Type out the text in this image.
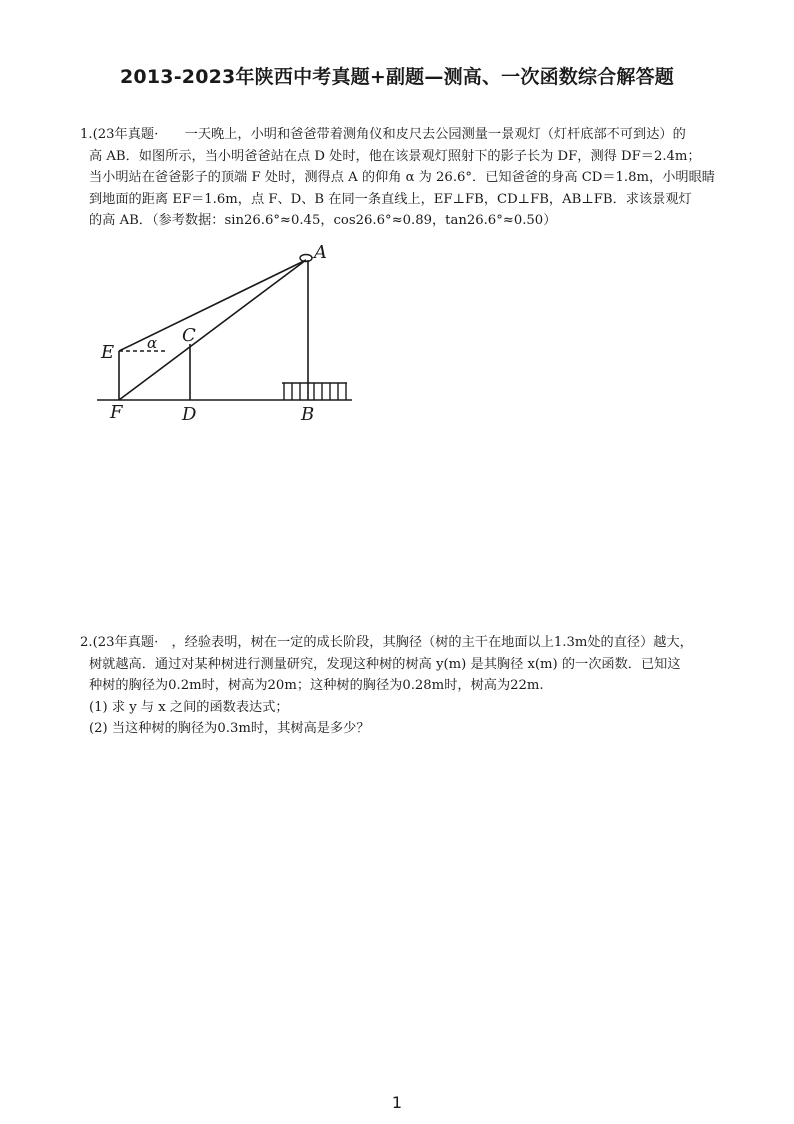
2013-2023年陕西中考真题+副题—测高、一次函数综合解答题
1.(23年真题·　　一天晚上，小明和爸爸带着测角仪和皮尺去公园测量一景观灯（灯杆底部不可到达）的
高 AB．如图所示，当小明爸爸站在点 D 处时，他在该景观灯照射下的影子长为 DF，测得 DF＝2.4m；
当小明站在爸爸影子的顶端 F 处时，测得点 A 的仰角 α 为 26.6°．已知爸爸的身高 CD＝1.8m，小明眼睛
到地面的距离 EF＝1.6m，点 F、D、B 在同一条直线上，EF⊥FB，CD⊥FB，AB⊥FB．求该景观灯
的高 AB．（参考数据：sin26.6°≈0.45，cos26.6°≈0.89，tan26.6°≈0.50）
A
B
C
D
E
F
α
2.(23年真题·　，经验表明，树在一定的成长阶段，其胸径（树的主干在地面以上1.3m处的直径）越大，
树就越高．通过对某种树进行测量研究，发现这种树的树高 y(m) 是其胸径 x(m) 的一次函数．已知这
种树的胸径为0.2m时，树高为20m；这种树的胸径为0.28m时，树高为22m.
(1) 求 y 与 x 之间的函数表达式；
(2) 当这种树的胸径为0.3m时，其树高是多少？
1
